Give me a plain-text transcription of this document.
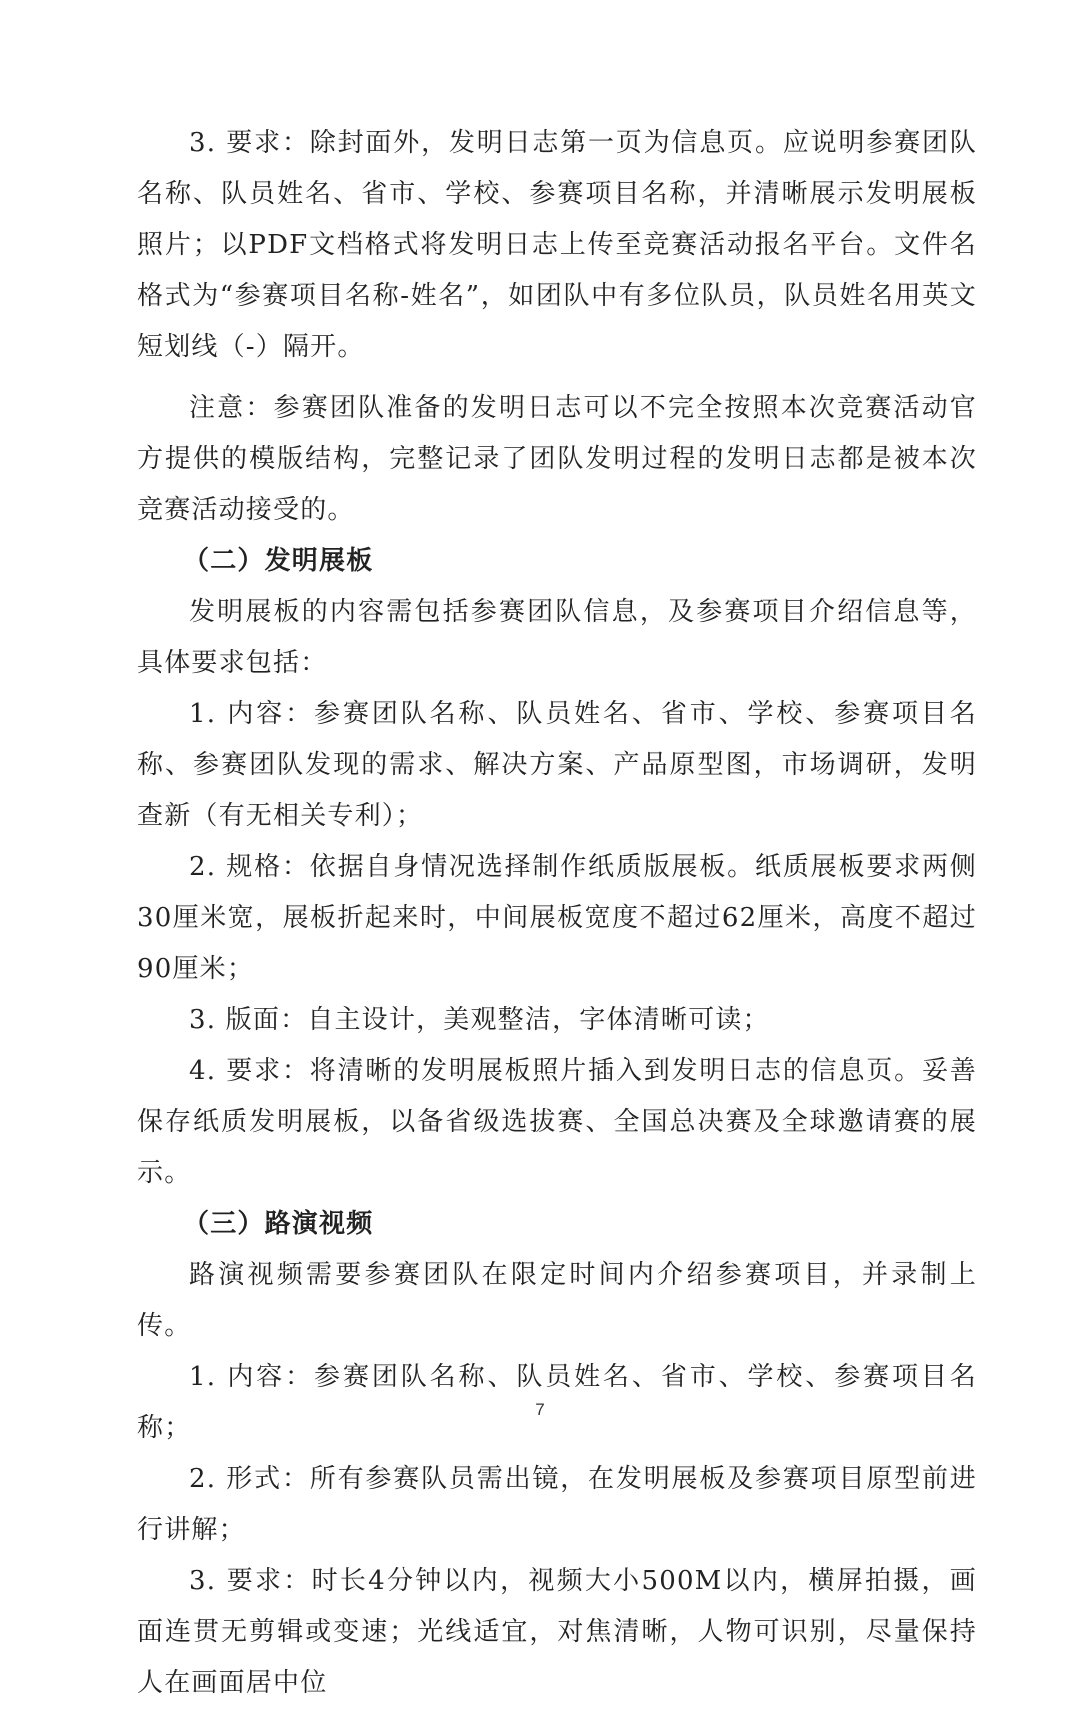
3. 要求：除封面外，发明日志第一页为信息页。应说明参赛团队名称、队员姓名、省市、学校、参赛项目名称，并清晰展示发明展板照片；以PDF文档格式将发明日志上传至竞赛活动报名平台。文件名格式为“参赛项目名称-姓名”，如团队中有多位队员，队员姓名用英文短划线（-）隔开。

注意：参赛团队准备的发明日志可以不完全按照本次竞赛活动官方提供的模版结构，完整记录了团队发明过程的发明日志都是被本次竞赛活动接受的。

（二）发明展板

发明展板的内容需包括参赛团队信息，及参赛项目介绍信息等，具体要求包括：

1. 内容：参赛团队名称、队员姓名、省市、学校、参赛项目名称、参赛团队发现的需求、解决方案、产品原型图，市场调研，发明查新（有无相关专利）；

2. 规格：依据自身情况选择制作纸质版展板。纸质展板要求两侧30厘米宽，展板折起来时，中间展板宽度不超过62厘米，高度不超过90厘米；

3. 版面：自主设计，美观整洁，字体清晰可读；

4. 要求：将清晰的发明展板照片插入到发明日志的信息页。妥善保存纸质发明展板，以备省级选拔赛、全国总决赛及全球邀请赛的展示。

（三）路演视频

路演视频需要参赛团队在限定时间内介绍参赛项目，并录制上传。

1. 内容：参赛团队名称、队员姓名、省市、学校、参赛项目名称；

2. 形式：所有参赛队员需出镜，在发明展板及参赛项目原型前进行讲解；

3. 要求：时长4分钟以内，视频大小500M以内，横屏拍摄，画面连贯无剪辑或变速；光线适宜，对焦清晰，人物可识别，尽量保持人在画面居中位

7
